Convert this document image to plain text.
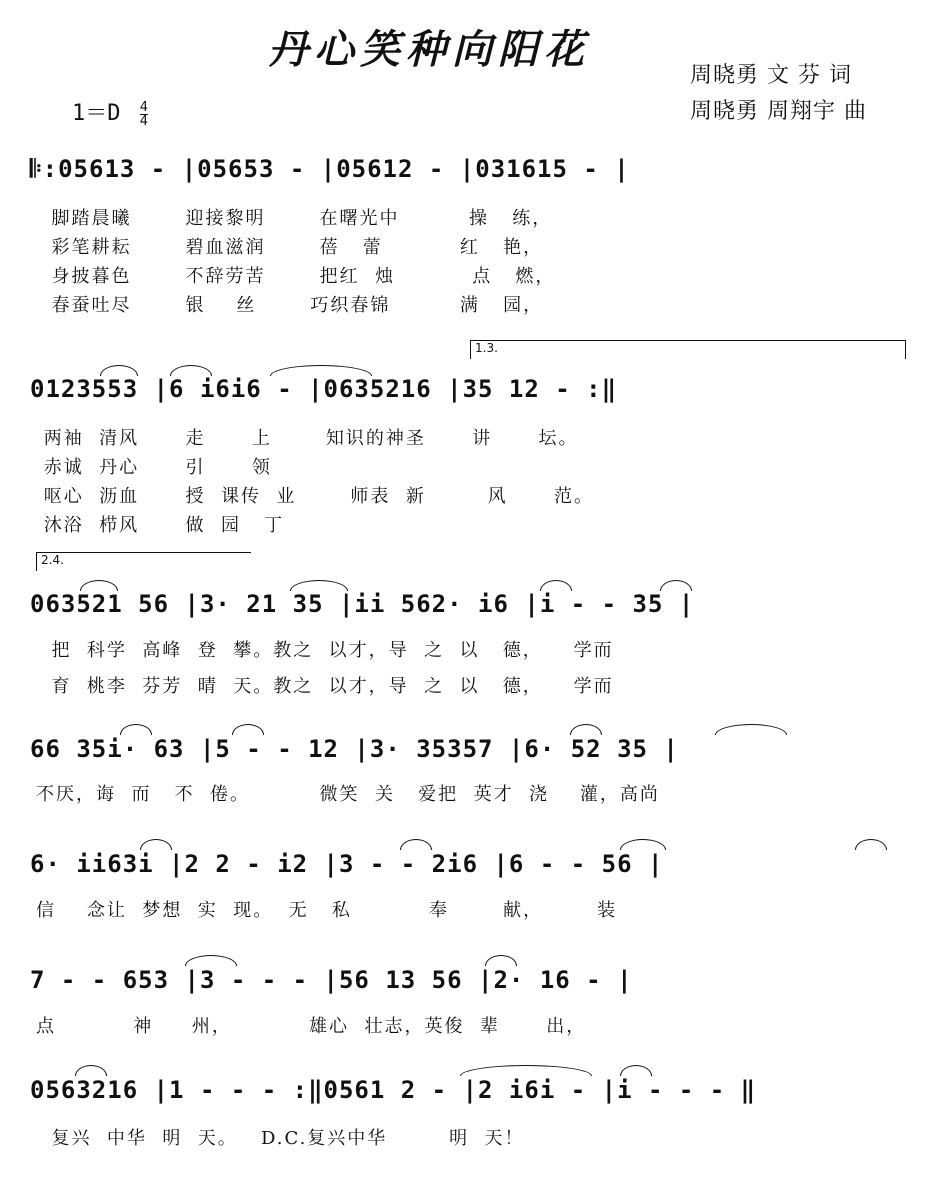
丹心笑种向阳花
周晓勇 文 芬 词
周晓勇 周翔宇 曲
$1=D \frac{4}{4}$
𝄆:05613 - |05653 - |05612 - |031615 - |
脚踏晨曦       迎接黎明       在曙光中         操   练，
彩笔耕耘       碧血滋润       蓓   蕾          红   艳，
身披暮色       不辞劳苦       把红  烛          点   燃，
春蚕吐尽       银    丝       巧织春锦         满   园，
1.3.
0123553 |6 i6i6 - |0635216 |35 12 - :‖
两袖  清风      走      上       知识的神圣      讲      坛。
赤诚  丹心      引      领
呕心  沥血      授  课传  业       师表  新        风      范。
沐浴  栉风      做  园   丁
2.4.
063521 56 |3· 21 35 |ii 562· i6 |i - - 35 |
把  科学  高峰  登  攀。教之  以才，导  之  以   德，    学而
育  桃李  芬芳  晴  天。教之  以才，导  之  以   德，    学而
66 35i· 63 |5 - - 12 |3· 35357 |6· 52 35 |
不厌，诲  而   不  倦。         微笑  关   爱把  英才  浇    灌，高尚
6· ii63i |2 2 - i2 |3 - - 2i6 |6 - - 56 |
信    念让  梦想  实  现。  无   私          奉       献，       装
7 - - 653 |3 - - - |56 13 56 |2· 16 - |
点          神     州，          雄心  壮志，英俊  辈      出，
0563216 |1 - - - :‖0561 2 - |2 i6i - |i - - - ‖
复兴  中华  明  天。   D.C.复兴中华        明  天！
